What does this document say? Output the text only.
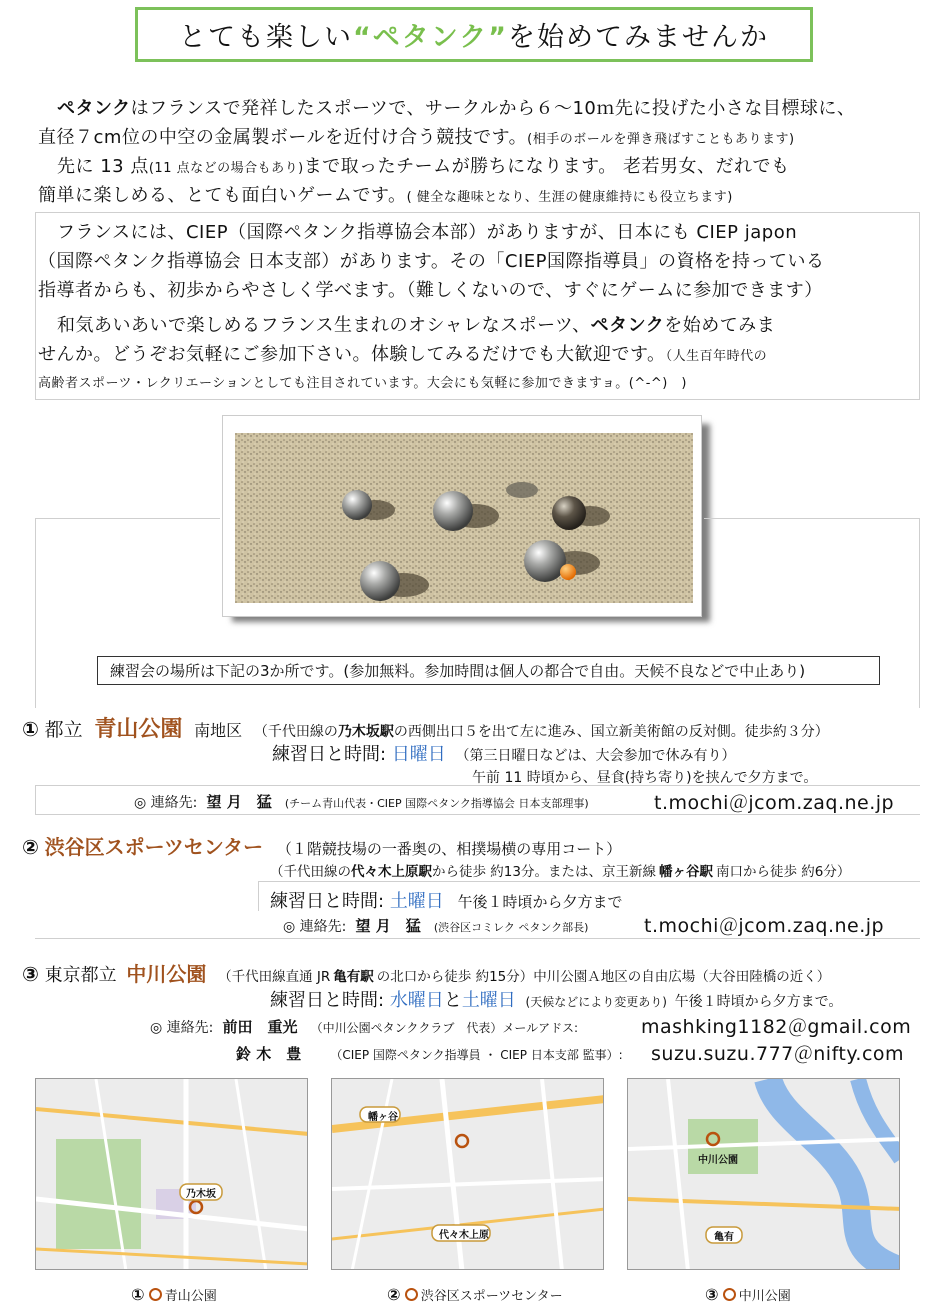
とても楽しい “ペタンク” を始めてみませんか
ペタンクはフランスで発祥したスポーツで、サークルから６～10ｍ先に投げた小さな目標球に、
直径７cm位の中空の金属製ボールを近付け合う競技です。(相手のボールを弾き飛ばすこともあります)
先に 13 点(11 点などの場合もあり)まで取ったチームが勝ちになります。 老若男女、だれでも
簡単に楽しめる、とても面白いゲームです。( 健全な趣味となり、生涯の健康維持にも役立ちます)
フランスには、CIEP（国際ペタンク指導協会本部）がありますが、日本にも CIEP japon
（国際ペタンク指導協会 日本支部）があります。その「CIEP国際指導員」の資格を持っている
指導者からも、初歩からやさしく学べます。（難しくないので、すぐにゲームに参加できます）
和気あいあいで楽しめるフランス生まれのオシャレなスポーツ、ペタンクを始めてみま
せんか。どうぞお気軽にご参加下さい。体験してみるだけでも大歓迎です。（人生百年時代の
高齢者スポーツ・レクリエーションとしても注目されています。大会にも気軽に参加できますョ。(^-^)　)
練習会の場所は下記の3か所です。(参加無料。参加時間は個人の都合で自由。天候不良などで中止あり)
① 都立 青山公園 南地区 （千代田線の乃木坂駅の西側出口５を出て左に進み、国立新美術館の反対側。徒歩約３分）
練習日と時間: 日曜日 （第三日曜日などは、大会参加で休み有り）
午前 11 時頃から、昼食(持ち寄り)を挟んで夕方まで。
◎ 連絡先: 望 月　猛 (チーム青山代表・CIEP 国際ペタンク指導協会 日本支部理事)	t.mochi＠jcom.zaq.ne.jp
② 渋谷区スポーツセンター （１階競技場の一番奥の、相撲場横の専用コート）
（千代田線の代々木上原駅から徒歩 約13分。または、京王新線 幡ヶ谷駅 南口から徒歩 約6分）
練習日と時間: 土曜日 午後１時頃から夕方まで
◎ 連絡先: 望 月　猛 (渋谷区コミレク ペタンク部長)	t.mochi＠jcom.zaq.ne.jp
③ 東京都立 中川公園 （千代田線直通 JR 亀有駅 の北口から徒歩 約15分）中川公園Ａ地区の自由広場（大谷田陸橋の近く）
練習日と時間: 水曜日と土曜日 (天候などにより変更あり) 午後１時頃から夕方まで。
◎ 連絡先: 前田　重光 （中川公園ペタンククラブ　代表）メールアドス:	mashking1182＠gmail.com
鈴 木　豊 （CIEP 国際ペタンク指導員 ・ CIEP 日本支部 監事）: suzu.suzu.777＠nifty.com
乃木坂
幡ヶ谷
代々木上原
中川公園
亀有
① 青山公園	② 渋谷区スポーツセンター	③ 中川公園
